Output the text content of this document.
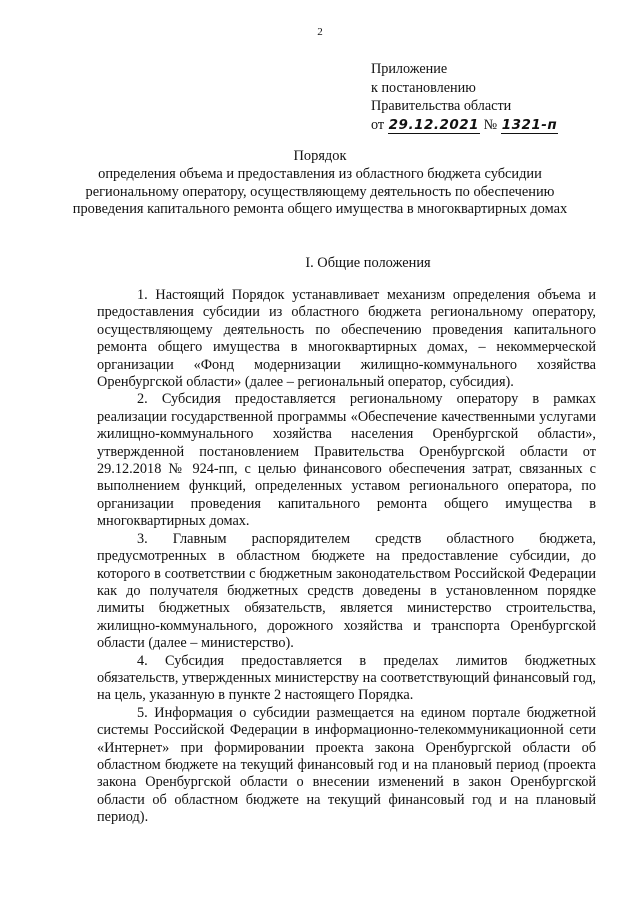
2
Приложение
к постановлению
Правительства области
от 29.12.2021 № 1321-п
Порядок
определения объема и предоставления из областного бюджета субсидии региональному оператору, осуществляющему деятельность по обеспечению проведения капитального ремонта общего имущества в многоквартирных домах
I. Общие положения

1. Настоящий Порядок устанавливает механизм определения объема и предоставления субсидии из областного бюджета региональному оператору, осуществляющему деятельность по обеспечению проведения капитального ремонта общего имущества в многоквартирных домах, – некоммерческой организации «Фонд модернизации жилищно-коммунального хозяйства Оренбургской области» (далее – региональный оператор, субсидия).

2. Субсидия предоставляется региональному оператору в рамках реализации государственной программы «Обеспечение качественными услугами жилищно-коммунального хозяйства населения Оренбургской области», утвержденной постановлением Правительства Оренбургской области от 29.12.2018 № 924-пп, с целью финансового обеспечения затрат, связанных с выполнением функций, определенных уставом регионального оператора, по организации проведения капитального ремонта общего имущества в многоквартирных домах.

3. Главным распорядителем средств областного бюджета, предусмотренных в областном бюджете на предоставление субсидии, до которого в соответствии с бюджетным законодательством Российской Федерации как до получателя бюджетных средств доведены в установленном порядке лимиты бюджетных обязательств, является министерство строительства, жилищно-коммунального, дорожного хозяйства и транспорта Оренбургской области (далее – министерство).

4. Субсидия предоставляется в пределах лимитов бюджетных обязательств, утвержденных министерству на соответствующий финансовый год, на цель, указанную в пункте 2 настоящего Порядка.

5. Информация о субсидии размещается на едином портале бюджетной системы Российской Федерации в информационно-телекоммуникационной сети «Интернет» при формировании проекта закона Оренбургской области об областном бюджете на текущий финансовый год и на плановый период (проекта закона Оренбургской области о внесении изменений в закон Оренбургской области об областном бюджете на текущий финансовый год и на плановый период).
